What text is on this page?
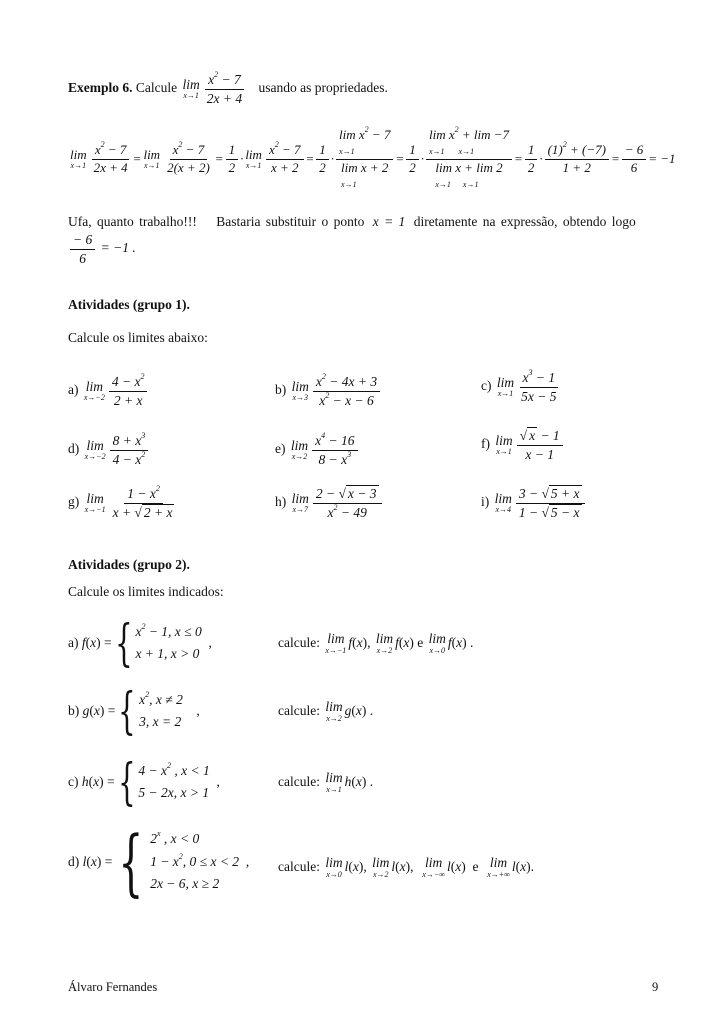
Exemplo 6. Calcule lim
$x\to 1 \frac{x^2 - 7}{2x + 4}$ usando as propriedades.
lim
$x\to 1 \frac{x^2 - 7}{2x + 4} = \lim$
$x\to 1 \frac{x^2 - 7}{2(x + 2)} = \frac{1}{2} \cdot \lim$
$x\to 1 \frac{x^2 - 7}{x + 2} = \frac{1}{2}$ ·
$\lim x^2 - 7$
x→1
lim x + 2
x→1
= $\frac{1}{2}$ ·
$\lim x^2 + \lim -7$
x→1       x→1
lim x + lim 2
x→1      x→1
= $\frac{1}{2} \cdot \frac{(1)^2 + (-7)}{1 + 2} = \frac{- 6}{6} = -1$
Ufa, quanto trabalho!!! Bastaria substituir o ponto x = 1 diretamente na expressão, obtendo logo
$\frac{- 6}{6} = -1$ .
Atividades (grupo 1).
Calcule os limites abaixo:
a) lim
$x\to-2 \frac{4 - x^2}{2 + x}$	b) lim
$x\to 3 \frac{x^2 - 4x + 3}{x^2 - x - 6}$	c) lim
$x\to 1 \frac{x^3 - 1}{5x - 5}$
d) lim
$x\to-2 \frac{8 + x^3}{4 - x^2}$	e) lim
$x\to 2 \frac{x^4 - 16}{8 - x^3}$	f) lim
$x\to 1 \frac{√ x - 1}{x - 1}$
g) lim
$x\to-1 \frac{1 - x^2}{x + √ 2 + x}$	h) lim
$x\to 7 \frac{2 - √ x - 3}{x^2 - 49}$	i) lim
$x\to 4 \frac{3 - √ 5 + x}{1 - √ 5 - x}$
Atividades (grupo 2).
Calcule os limites indicados:
a) f ( x ) = { $x^2 - 1$, x ≤ 0
x + 1, x > 0
,	calcule:
lim
x→−1 f ( x ), lim
x→2 f ( x ) e
lim
x→0 f ( x ) .
b) g ( x ) = { $x^2$, x ≠ 2
3, x = 2
,	calcule:
lim
x→2 g ( x ) .
c) h ( x ) = { $4 - x^2$ , x < 1
5 − 2x, x > 1
,	calcule:
lim
x→1 h ( x ) .
d) l ( x ) = { 2$^x$ , x < 0
$1 - x^2$, 0 ≤ x < 2
2x − 6, x ≥ 2
, calcule:
lim
x→0 l ( x ), lim
x→2 l ( x ), lim
x→−∞ l ( x ) e
lim
x→+∞ l ( x ).
Álvaro Fernandes	9
